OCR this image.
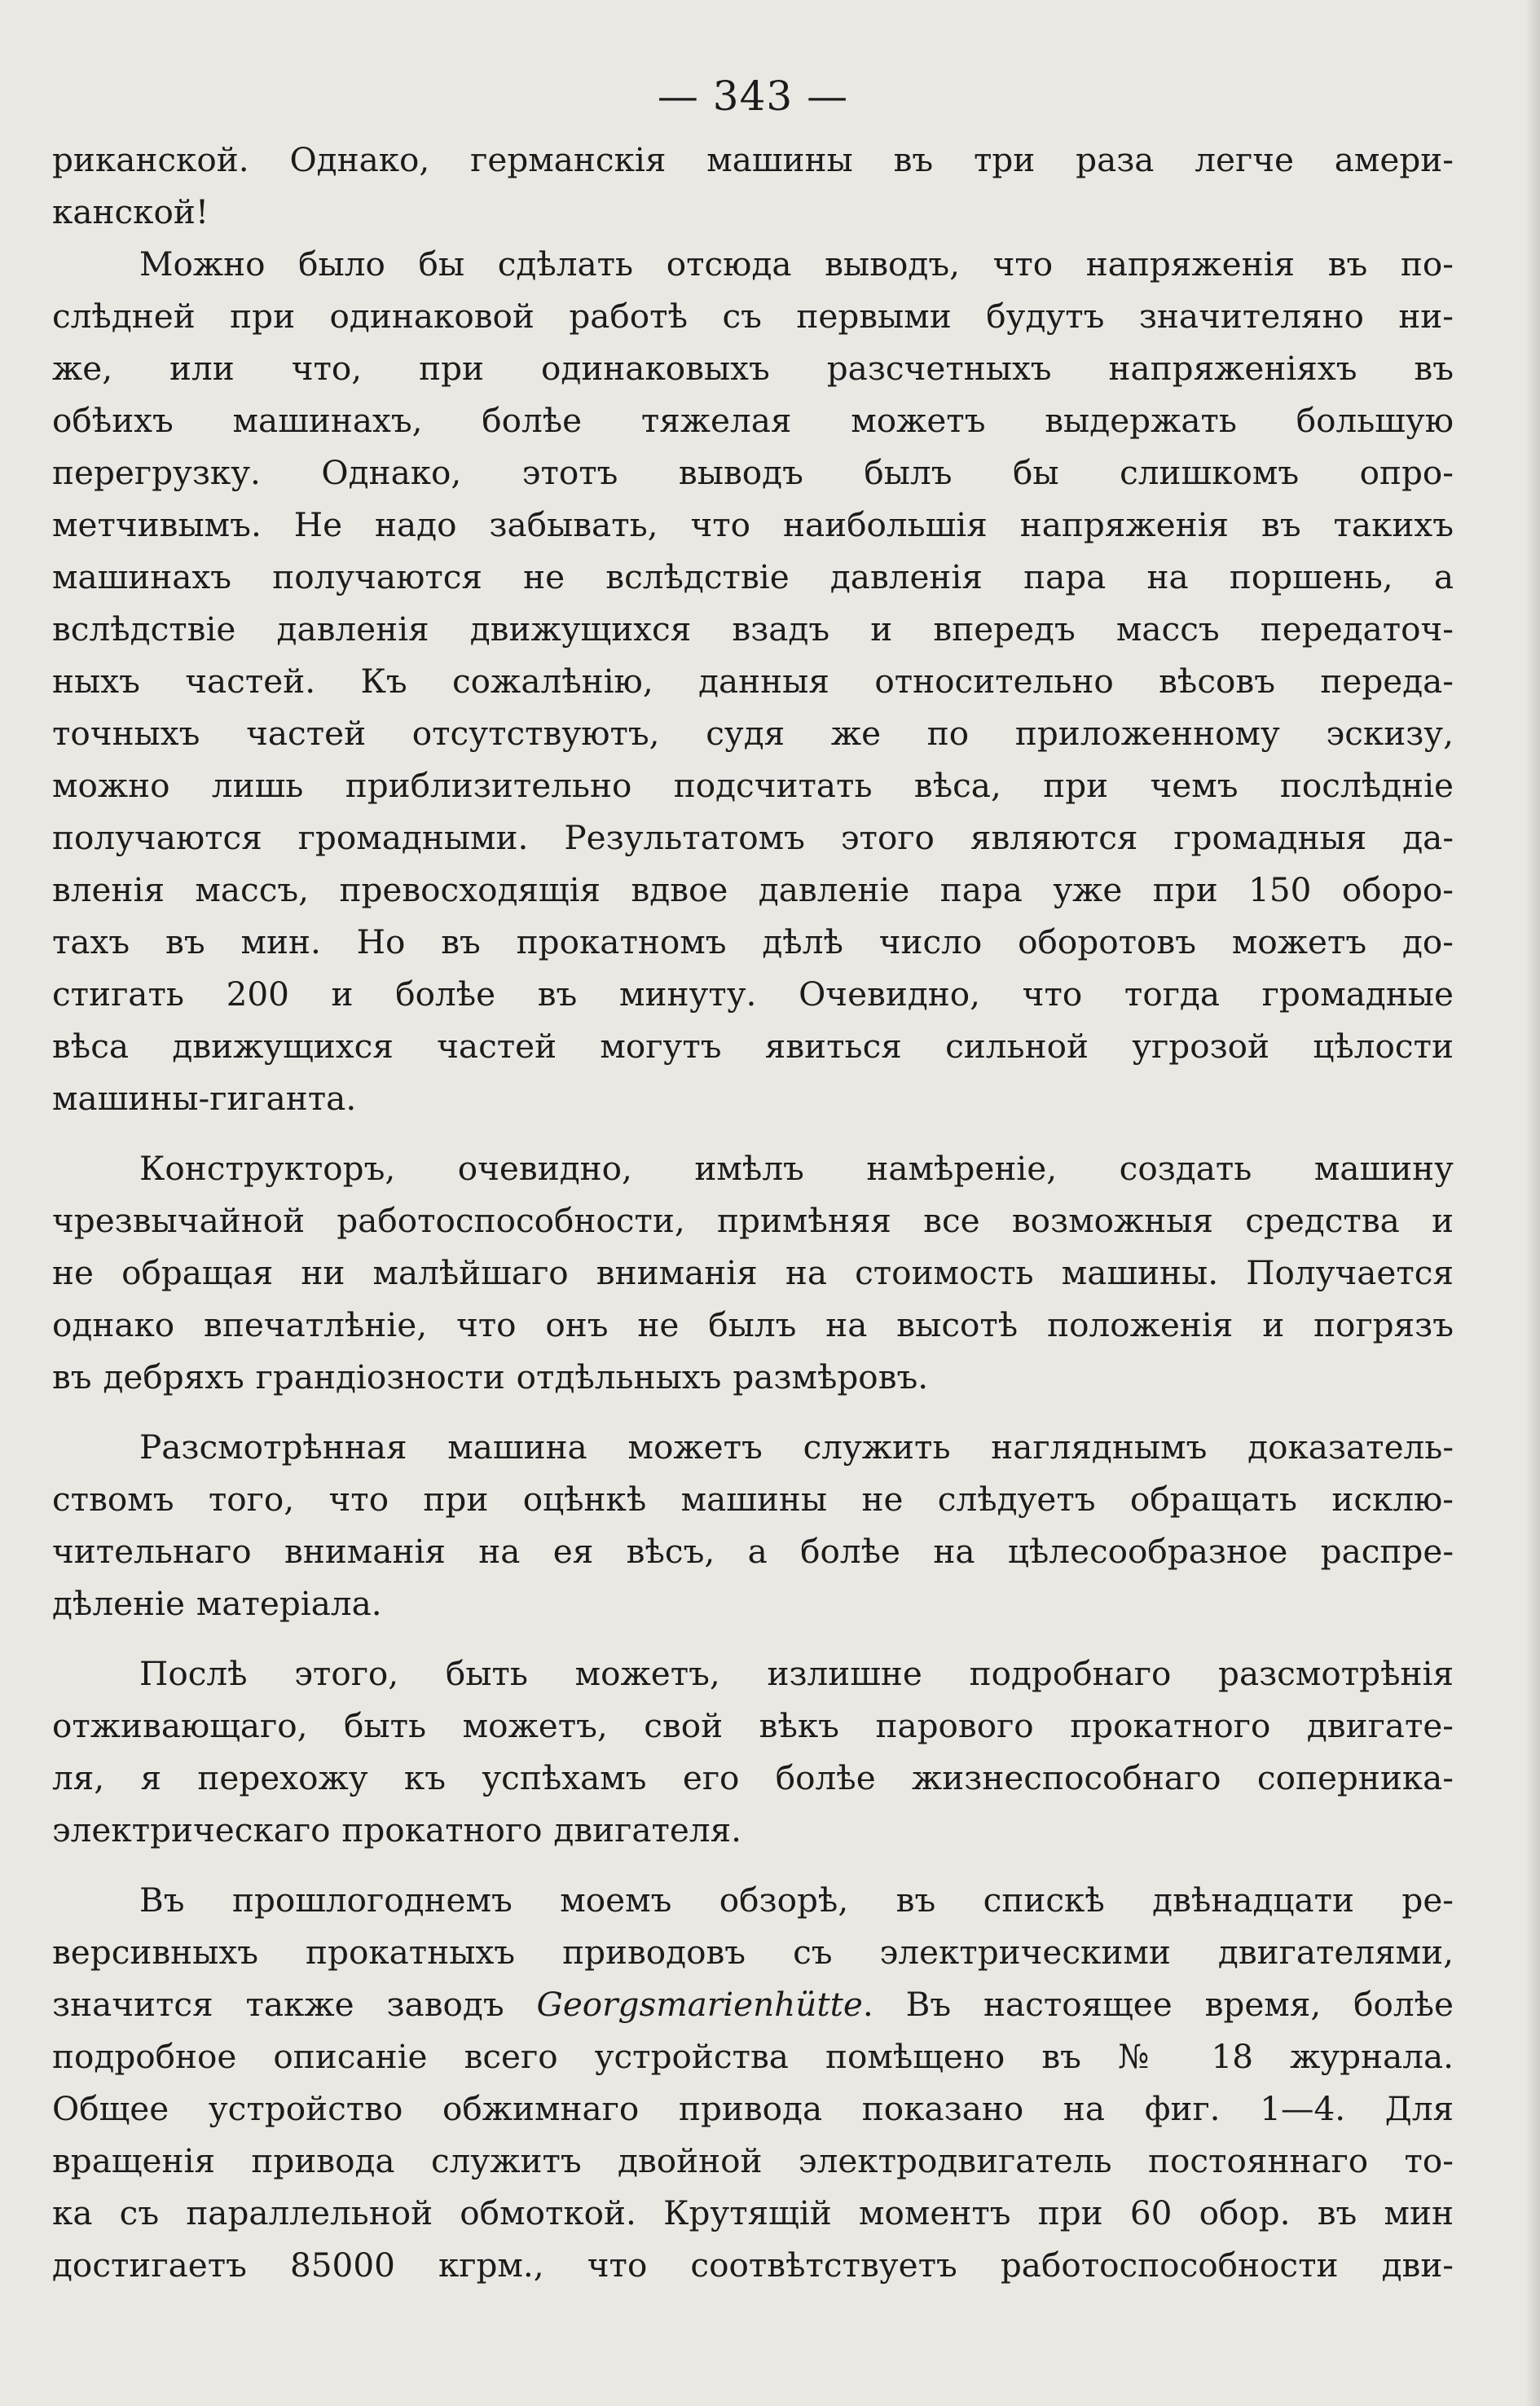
— 343 —

риканской. Однако, германскія машины въ три раза легче амери-

канской!

Можно было бы сдѣлать отсюда выводъ, что напряженія въ по-

слѣдней при одинаковой работѣ съ первыми будутъ значителяно ни-

же, или что, при одинаковыхъ разсчетныхъ напряженіяхъ въ

обѣихъ машинахъ, болѣе тяжелая можетъ выдержать большую

перегрузку. Однако, этотъ выводъ былъ бы слишкомъ опро-

метчивымъ. Не надо забывать, что наибольшія напряженія въ такихъ

машинахъ получаются не вслѣдствіе давленія пара на поршень, а

вслѣдствіе давленія движущихся взадъ и впередъ массъ передаточ-

ныхъ частей. Къ сожалѣнію, данныя относительно вѣсовъ переда-

точныхъ частей отсутствуютъ, судя же по приложенному эскизу,

можно лишь приблизительно подсчитать вѣса, при чемъ послѣдніе

получаются громадными. Результатомъ этого являются громадныя да-

вленія массъ, превосходящія вдвое давленіе пара уже при 150 оборо-

тахъ въ мин. Но въ прокатномъ дѣлѣ число оборотовъ можетъ до-

стигать 200 и болѣе въ минуту. Очевидно, что тогда громадные

вѣса движущихся частей могутъ явиться сильной угрозой цѣлости

машины-гиганта.

Конструкторъ, очевидно, имѣлъ намѣреніе, создать машину

чрезвычайной работоспособности, примѣняя все возможныя средства и

не обращая ни малѣйшаго вниманія на стоимость машины. Получается

однако впечатлѣніе, что онъ не былъ на высотѣ положенія и погрязъ

въ дебряхъ грандіозности отдѣльныхъ размѣровъ.

Разсмотрѣнная машина можетъ служить нагляднымъ доказатель-

ствомъ того, что при оцѣнкѣ машины не слѣдуетъ обращать исклю-

чительнаго вниманія на ея вѣсъ, а болѣе на цѣлесообразное распре-

дѣленіе матеріала.

Послѣ этого, быть можетъ, излишне подробнаго разсмотрѣнія

отживающаго, быть можетъ, свой вѣкъ парового прокатного двигате-

ля, я перехожу къ успѣхамъ его болѣе жизнеспособнаго соперника-

электрическаго прокатного двигателя.

Въ прошлогоднемъ моемъ обзорѣ, въ спискѣ двѣнадцати ре-

версивныхъ прокатныхъ приводовъ съ электрическими двигателями,

значится также заводъ Georgsmarienhütte. Въ настоящее время, болѣе

подробное описаніе всего устройства помѣщено въ № 18 журнала.

Общее устройство обжимнаго привода показано на фиг. 1—4. Для

вращенія привода служитъ двойной электродвигатель постояннаго то-

ка съ параллельной обмоткой. Крутящій моментъ при 60 обор. въ мин

достигаетъ 85000 кгрм., что соотвѣтствуетъ работоспособности дви-
